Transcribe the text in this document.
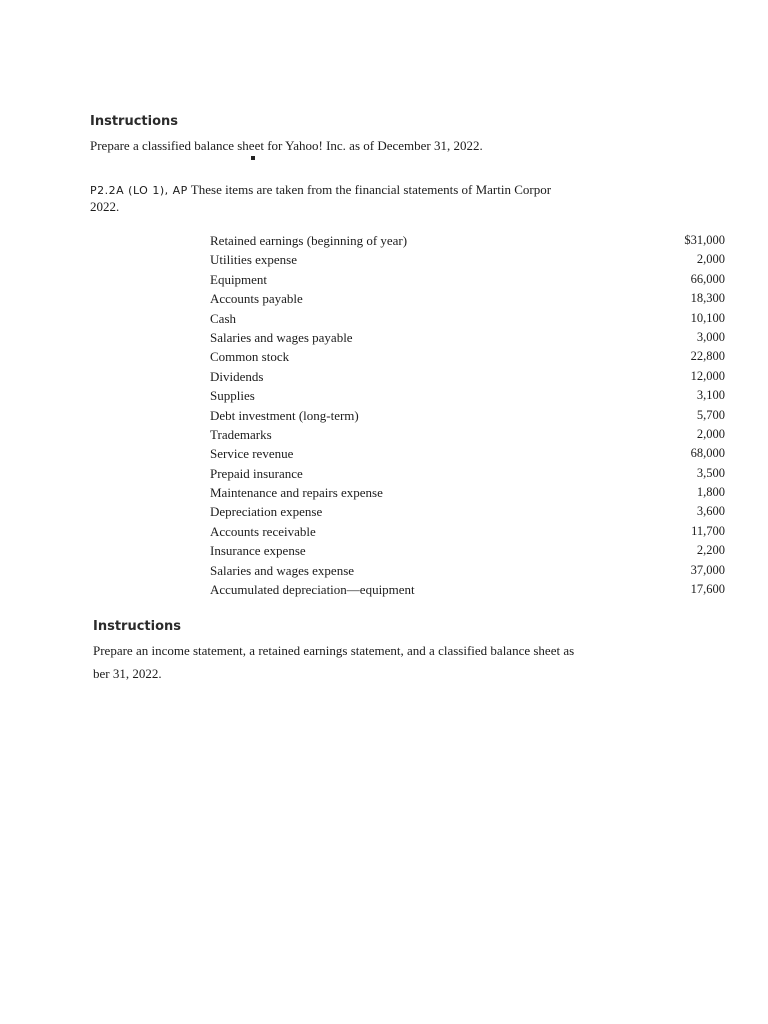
Instructions
Prepare a classified balance sheet for Yahoo! Inc. as of December 31, 2022.
P2.2A (LO 1), AP These items are taken from the financial statements of Martin Corpor
2022.
Retained earnings (beginning of year)	$31,000
Utilities expense	2,000
Equipment	66,000
Accounts payable	18,300
Cash	10,100
Salaries and wages payable	3,000
Common stock	22,800
Dividends	12,000
Supplies	3,100
Debt investment (long-term)	5,700
Trademarks	2,000
Service revenue	68,000
Prepaid insurance	3,500
Maintenance and repairs expense	1,800
Depreciation expense	3,600
Accounts receivable	11,700
Insurance expense	2,200
Salaries and wages expense	37,000
Accumulated depreciation—equipment	17,600
Instructions
Prepare an income statement, a retained earnings statement, and a classified balance sheet as
ber 31, 2022.
